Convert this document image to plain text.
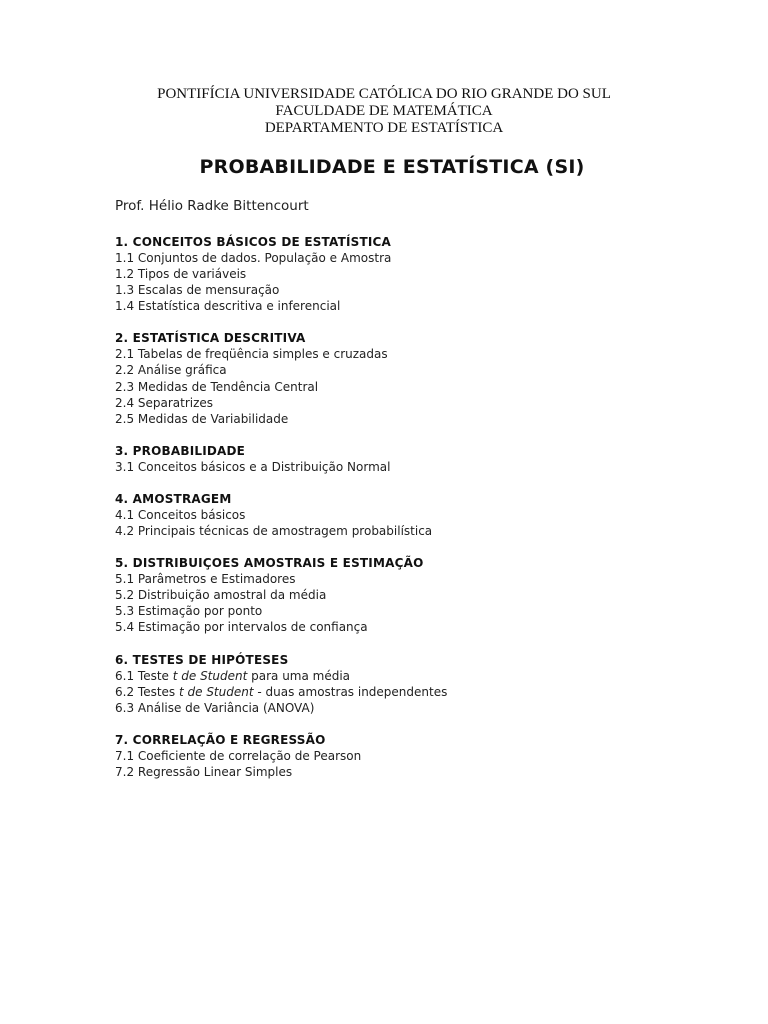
PONTIFÍCIA UNIVERSIDADE CATÓLICA DO RIO GRANDE DO SUL
FACULDADE DE MATEMÁTICA
DEPARTAMENTO DE ESTATÍSTICA
PROBABILIDADE E ESTATÍSTICA (SI)
Prof. Hélio Radke Bittencourt
1. CONCEITOS BÁSICOS DE ESTATÍSTICA
1.1 Conjuntos de dados. População e Amostra
1.2 Tipos de variáveis
1.3 Escalas de mensuração
1.4 Estatística descritiva e inferencial
2. ESTATÍSTICA DESCRITIVA
2.1 Tabelas de freqüência simples e cruzadas
2.2 Análise gráfica
2.3 Medidas de Tendência Central
2.4 Separatrizes
2.5 Medidas de Variabilidade
3. PROBABILIDADE
3.1 Conceitos básicos e a Distribuição Normal
4. AMOSTRAGEM
4.1 Conceitos básicos
4.2 Principais técnicas de amostragem probabilística
5. DISTRIBUIÇOES AMOSTRAIS E ESTIMAÇÃO
5.1 Parâmetros e Estimadores
5.2 Distribuição amostral da média
5.3 Estimação por ponto
5.4 Estimação por intervalos de confiança
6. TESTES DE HIPÓTESES
6.1 Teste t de Student para uma média
6.2 Testes t de Student - duas amostras independentes
6.3 Análise de Variância (ANOVA)
7. CORRELAÇÃO E REGRESSÃO
7.1 Coeficiente de correlação de Pearson
7.2 Regressão Linear Simples
